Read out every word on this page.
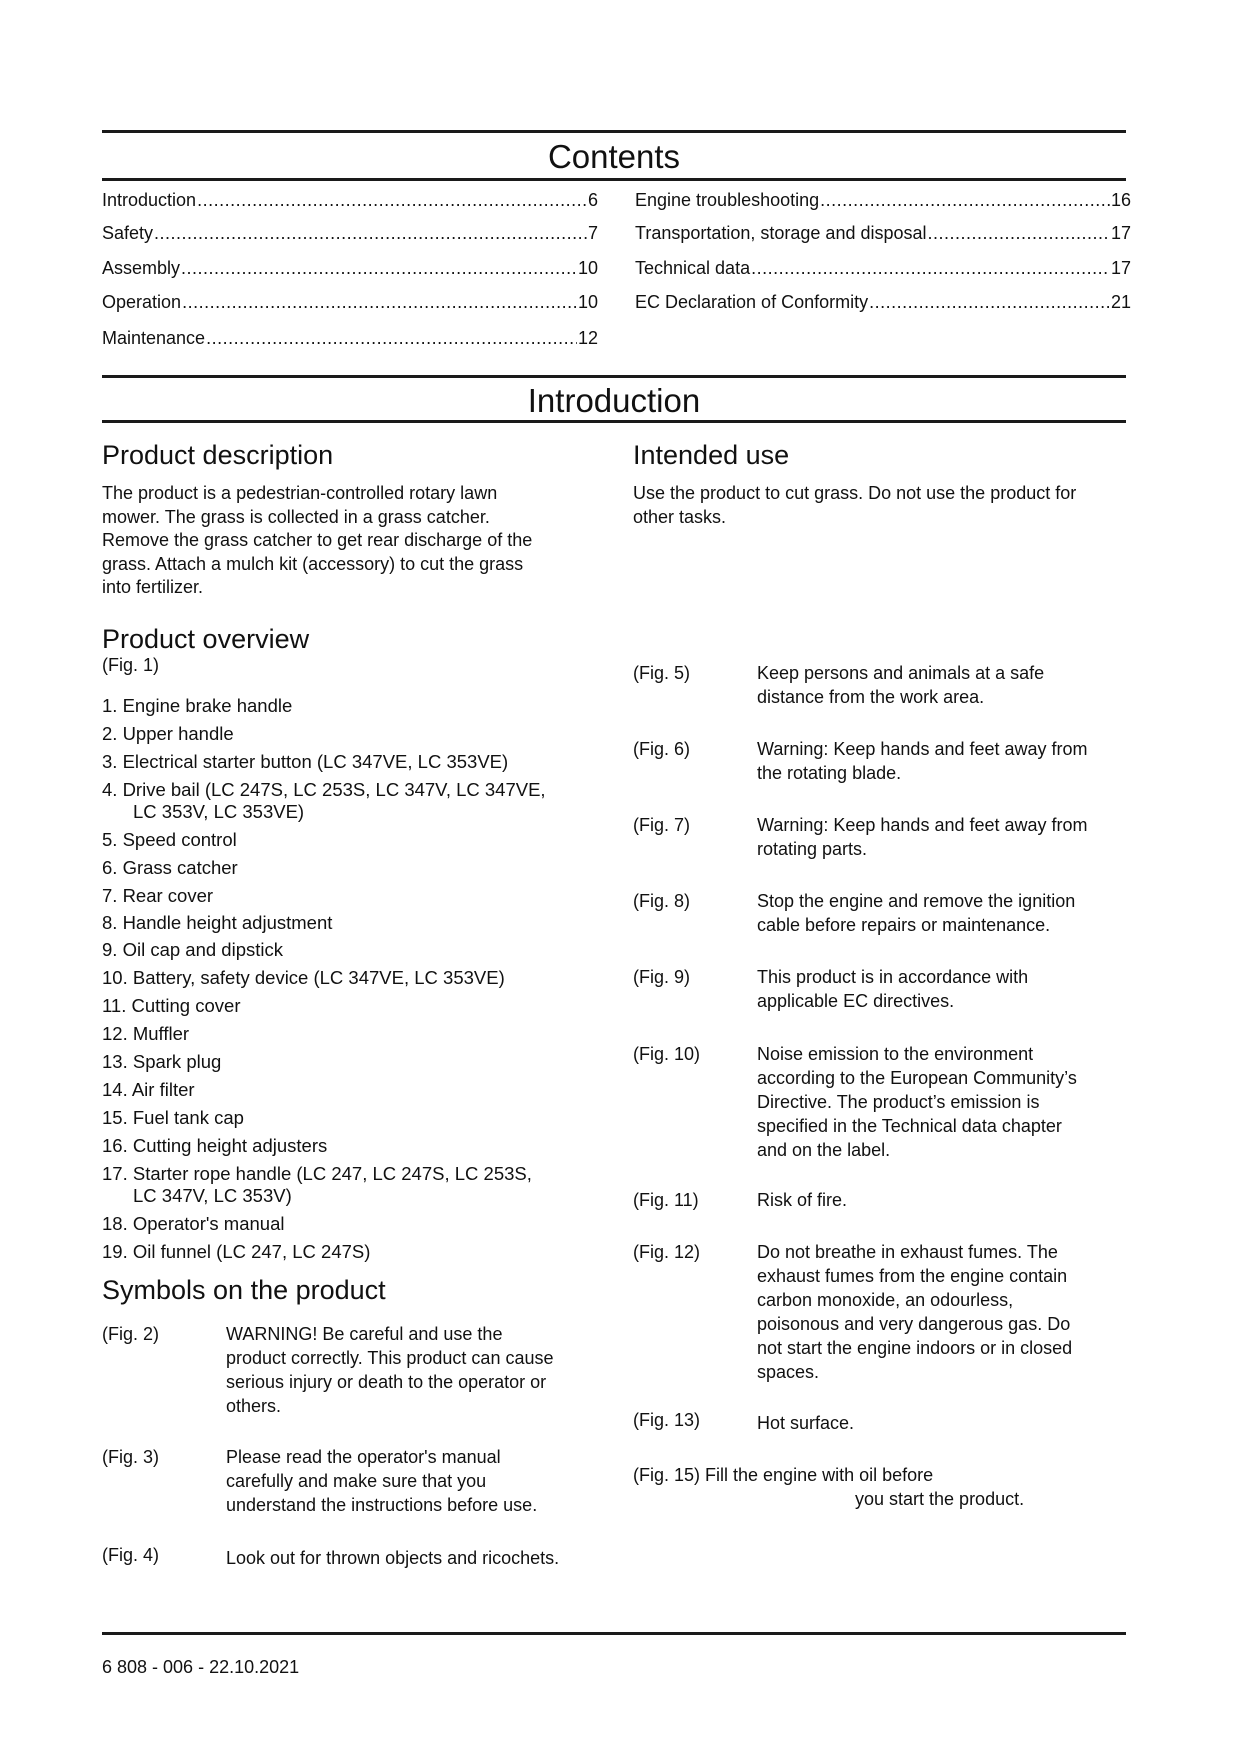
Contents
Introduction .....	6
Safety .....	7
Assembly .....	10
Operation .....	10
Maintenance .....	12
Engine troubleshooting .....	16
Transportation, storage and disposal .....	17
Technical data .....	17
EC Declaration of Conformity .....	21
Introduction
Product description
The product is a pedestrian-controlled rotary lawn
mower. The grass is collected in a grass catcher.
Remove the grass catcher to get rear discharge of the
grass. Attach a mulch kit (accessory) to cut the grass
into fertilizer.
Intended use
Use the product to cut grass. Do not use the product for
other tasks.
Product overview
(Fig. 1)
1. Engine brake handle
2. Upper handle
3. Electrical starter button (LC 347VE, LC 353VE)
4. Drive bail (LC 247S, LC 253S, LC 347V, LC 347VE,
LC 353V, LC 353VE)
5. Speed control
6. Grass catcher
7. Rear cover
8. Handle height adjustment
9. Oil cap and dipstick
10. Battery, safety device (LC 347VE, LC 353VE)
11. Cutting cover
12. Muffler
13. Spark plug
14. Air filter
15. Fuel tank cap
16. Cutting height adjusters
17. Starter rope handle (LC 247, LC 247S, LC 253S,
LC 347V, LC 353V)
18. Operator's manual
19. Oil funnel (LC 247, LC 247S)
Symbols on the product
(Fig. 2)	WARNING! Be careful and use the
product correctly. This product can cause
serious injury or death to the operator or
others.
(Fig. 3)	Please read the operator's manual
carefully and make sure that you
understand the instructions before use.
(Fig. 4)	Look out for thrown objects and ricochets.
(Fig. 5)	Keep persons and animals at a safe
distance from the work area.
(Fig. 6)	Warning: Keep hands and feet away from
the rotating blade.
(Fig. 7)	Warning: Keep hands and feet away from
rotating parts.
(Fig. 8)	Stop the engine and remove the ignition
cable before repairs or maintenance.
(Fig. 9)	This product is in accordance with
applicable EC directives.
(Fig. 10)	Noise emission to the environment
according to the European Community’s
Directive. The product’s emission is
specified in the Technical data chapter
and on the label.
(Fig. 11)	Risk of fire.
(Fig. 12)	Do not breathe in exhaust fumes. The
exhaust fumes from the engine contain
carbon monoxide, an odourless,
poisonous and very dangerous gas. Do
not start the engine indoors or in closed
spaces.
(Fig. 13)	Hot surface.
(Fig. 15) Fill the engine with oil before
you start the product.
6 808 - 006 - 22.10.2021
